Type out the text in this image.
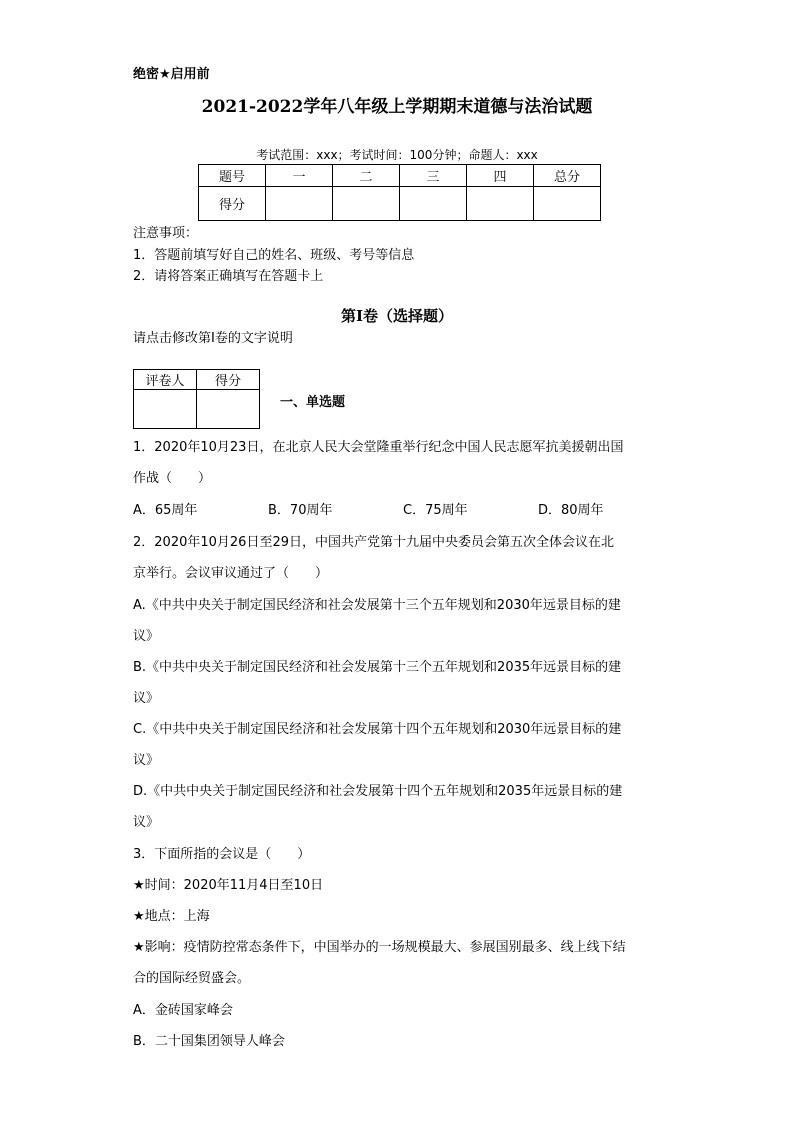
绝密★启用前
2021-2022学年八年级上学期期末道德与法治试题
考试范围：xxx；考试时间：100分钟；命题人：xxx
题号	一	二	三	四	总分
得分					
注意事项：
1．答题前填写好自己的姓名、班级、考号等信息
2．请将答案正确填写在答题卡上
第I卷（选择题）
请点击修改第I卷的文字说明
评卷人	得分

一、单选题
1．2020年10月23日，在北京人民大会堂隆重举行纪念中国人民志愿军抗美援朝出国
作战（　　）
A．65周年	B．70周年	C．75周年	D．80周年
2．2020年10月26日至29日，中国共产党第十九届中央委员会第五次全体会议在北
京举行。会议审议通过了（　　）
A.《中共中央关于制定国民经济和社会发展第十三个五年规划和2030年远景目标的建
议》
B.《中共中央关于制定国民经济和社会发展第十三个五年规划和2035年远景目标的建
议》
C.《中共中央关于制定国民经济和社会发展第十四个五年规划和2030年远景目标的建
议》
D.《中共中央关于制定国民经济和社会发展第十四个五年规划和2035年远景目标的建
议》
3．下面所指的会议是（　　）
★时间：2020年11月4日至10日
★地点：上海
★影响：疫情防控常态条件下，中国举办的一场规模最大、参展国别最多、线上线下结
合的国际经贸盛会。
A．金砖国家峰会
B．二十国集团领导人峰会
